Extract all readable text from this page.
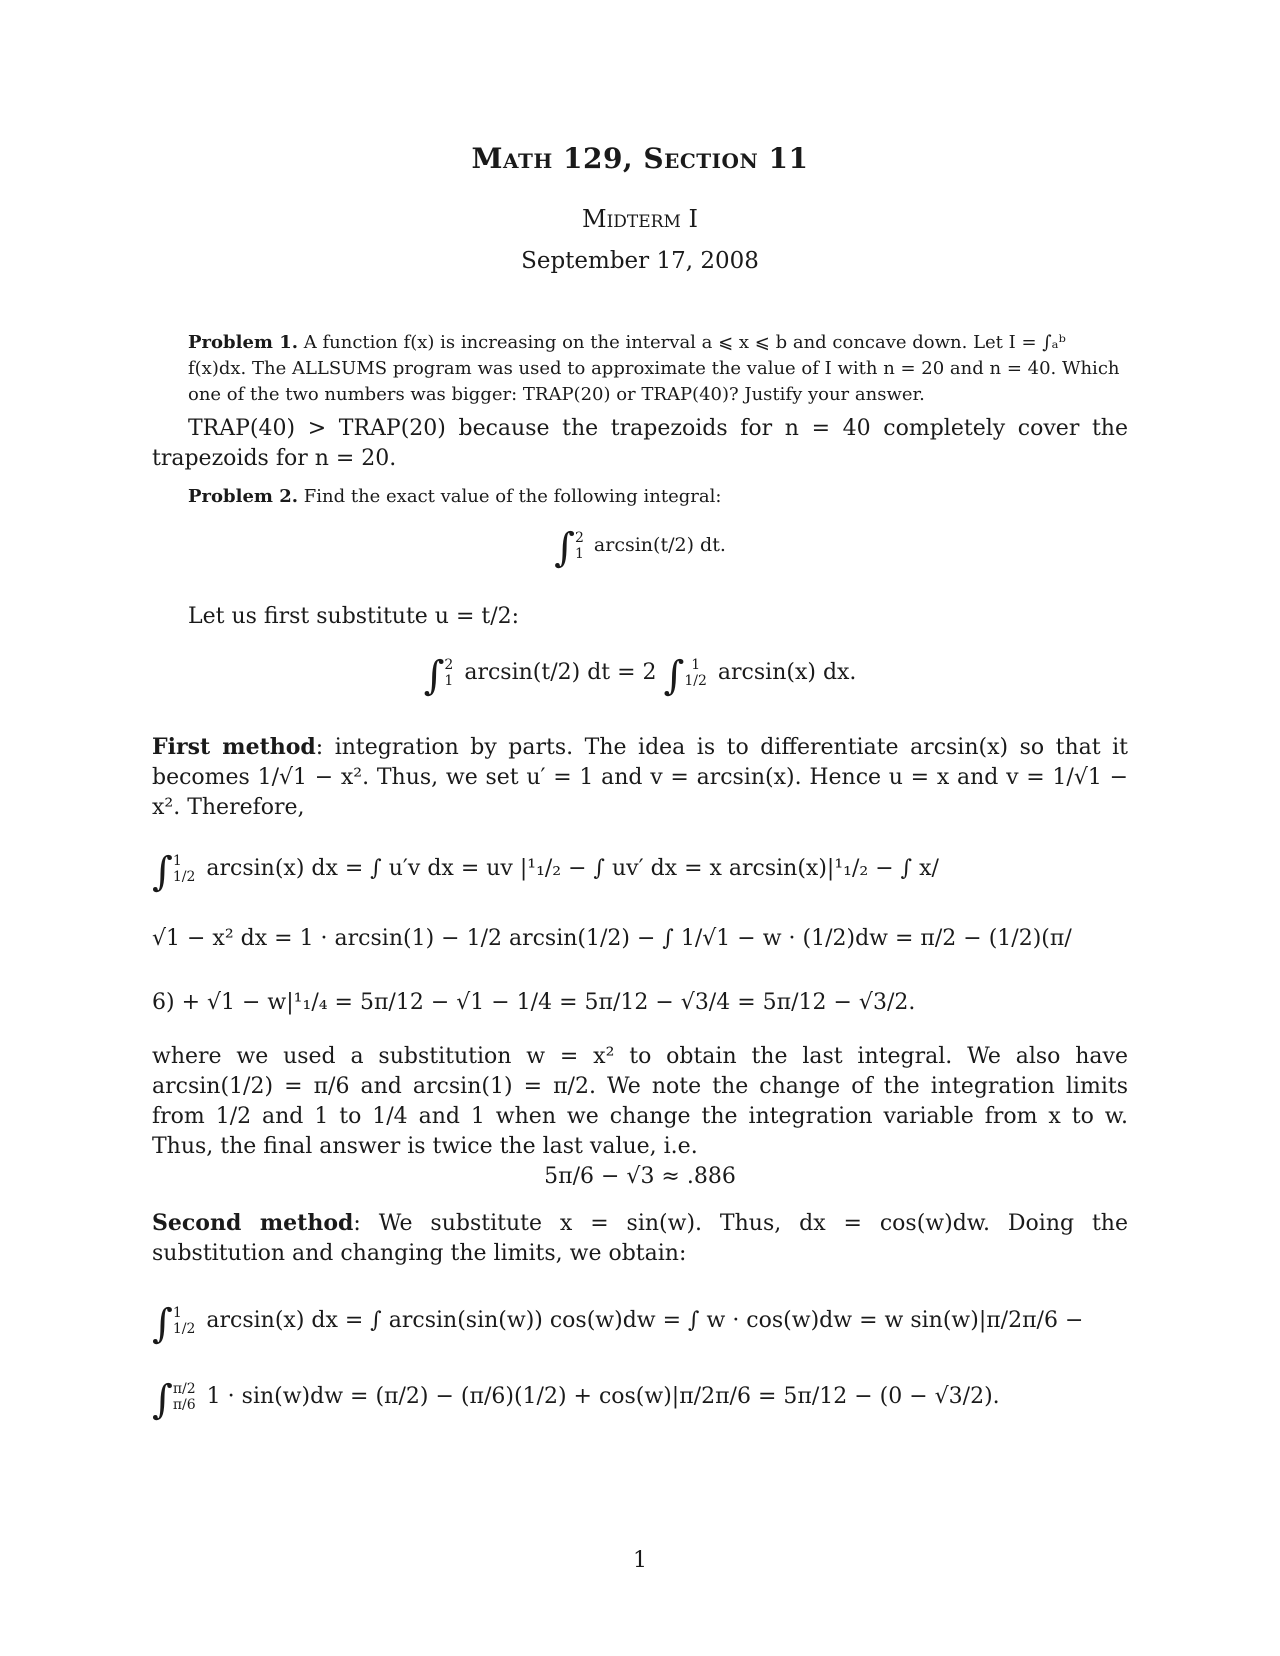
Math 129, Section 11
Midterm I
September 17, 2008
Problem 1. A function f(x) is increasing on the interval a ⩽ x ⩽ b and concave down. Let I = ∫ₐᵇ f(x)dx. The ALLSUMS program was used to approximate the value of I with n = 20 and n = 40. Which one of the two numbers was bigger: TRAP(20) or TRAP(40)? Justify your answer.
TRAP(40) > TRAP(20) because the trapezoids for n = 40 completely cover the trapezoids for n = 20.
Problem 2. Find the exact value of the following integral:
∫ 2
1 arcsin(t/2) dt.
Let us first substitute u = t/2:
∫ 2
1 arcsin(t/2) dt = 2 ∫ 1
1/2 arcsin(x) dx.
First method: integration by parts. The idea is to differentiate arcsin(x) so that it becomes 1/√1 − x². Thus, we set u′ = 1 and v = arcsin(x). Hence u = x and v = 1/√1 − x². Therefore,
∫ 1
1/2 arcsin(x) dx = ∫ u′v dx = uv |¹₁/₂ − ∫ uv′ dx = x arcsin(x)|¹₁/₂ − ∫ x/
√1 − x² dx = 1 · arcsin(1) − 1/2 arcsin(1/2) − ∫ 1/√1 − w · (1/2)dw = π/2 − (1/2)(π/
6) + √1 − w|¹₁/₄ = 5π/12 − √1 − 1/4 = 5π/12 − √3/4 = 5π/12 − √3/2.
where we used a substitution w = x² to obtain the last integral. We also have arcsin(1/2) = π/6 and arcsin(1) = π/2. We note the change of the integration limits from 1/2 and 1 to 1/4 and 1 when we change the integration variable from x to w. Thus, the final answer is twice the last value, i.e.
5π/6 − √3 ≈ .886
Second method: We substitute x = sin(w). Thus, dx = cos(w)dw. Doing the substitution and changing the limits, we obtain:
∫ 1
1/2 arcsin(x) dx = ∫ arcsin(sin(w)) cos(w)dw = ∫ w · cos(w)dw = w sin(w)|π/2π/6 −
∫ π/2
π/6 1 · sin(w)dw = (π/2) − (π/6)(1/2) + cos(w)|π/2π/6 = 5π/12 − (0 − √3/2).
1
